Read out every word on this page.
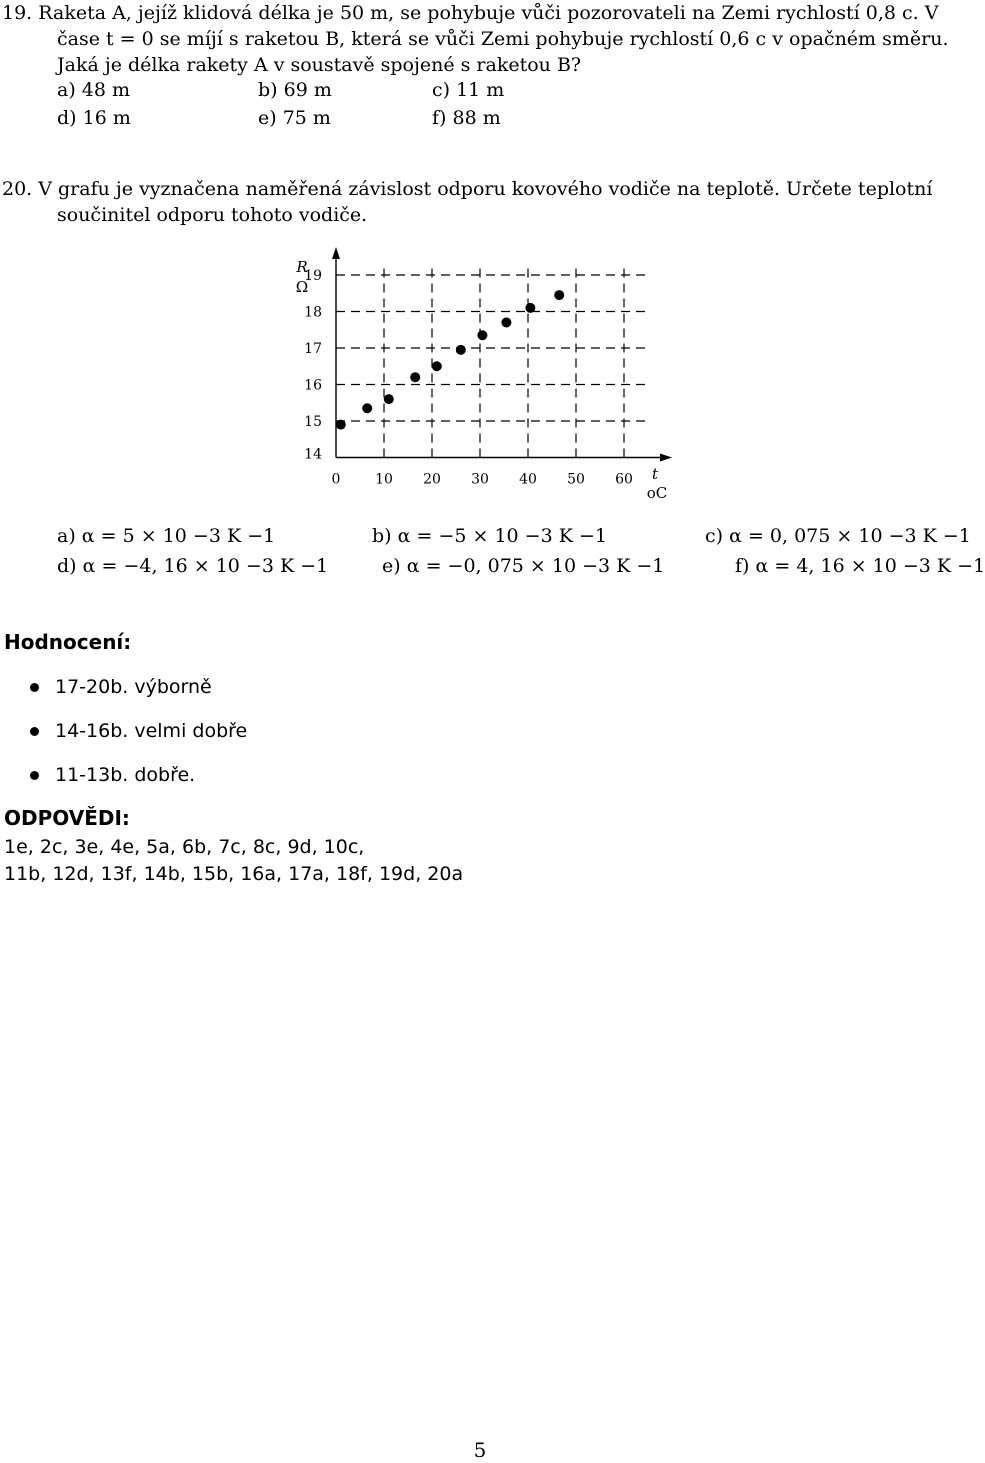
19. Raketa A, jejíž klidová délka je 50 m, se pohybuje vůči pozorovateli na Zemi rychlostí 0,8 c. V

čase t = 0 se míjí s raketou B, která se vůči Zemi pohybuje rychlostí 0,6 c v opačném směru.

Jaká je délka rakety A v soustavě spojené s raketou B?

a) 48 m	b) 69 m	c) 11 m
d) 16 m	e) 75 m	f) 88 m

20. V grafu je vyznačena naměřená závislost odporu kovového vodiče na teplotě. Určete teplotní

součinitel odporu tohoto vodiče.

0 10 20 30 40 50 60
14
15
16
17
18
19
R
Ω
t
oC
a) α = 5 × 10 −3 K −1	b) α = −5 × 10 −3 K −1	c) α = 0, 075 × 10 −3 K −1
d) α = −4, 16 × 10 −3 K −1	e) α = −0, 075 × 10 −3 K −1	f) α = 4, 16 × 10 −3 K −1
Hodnocení:
17-20b. výborně
14-16b. velmi dobře
11-13b. dobře.
ODPOVĚDI:
1e, 2c, 3e, 4e, 5a, 6b, 7c, 8c, 9d, 10c,
11b, 12d, 13f, 14b, 15b, 16a, 17a, 18f, 19d, 20a
5
